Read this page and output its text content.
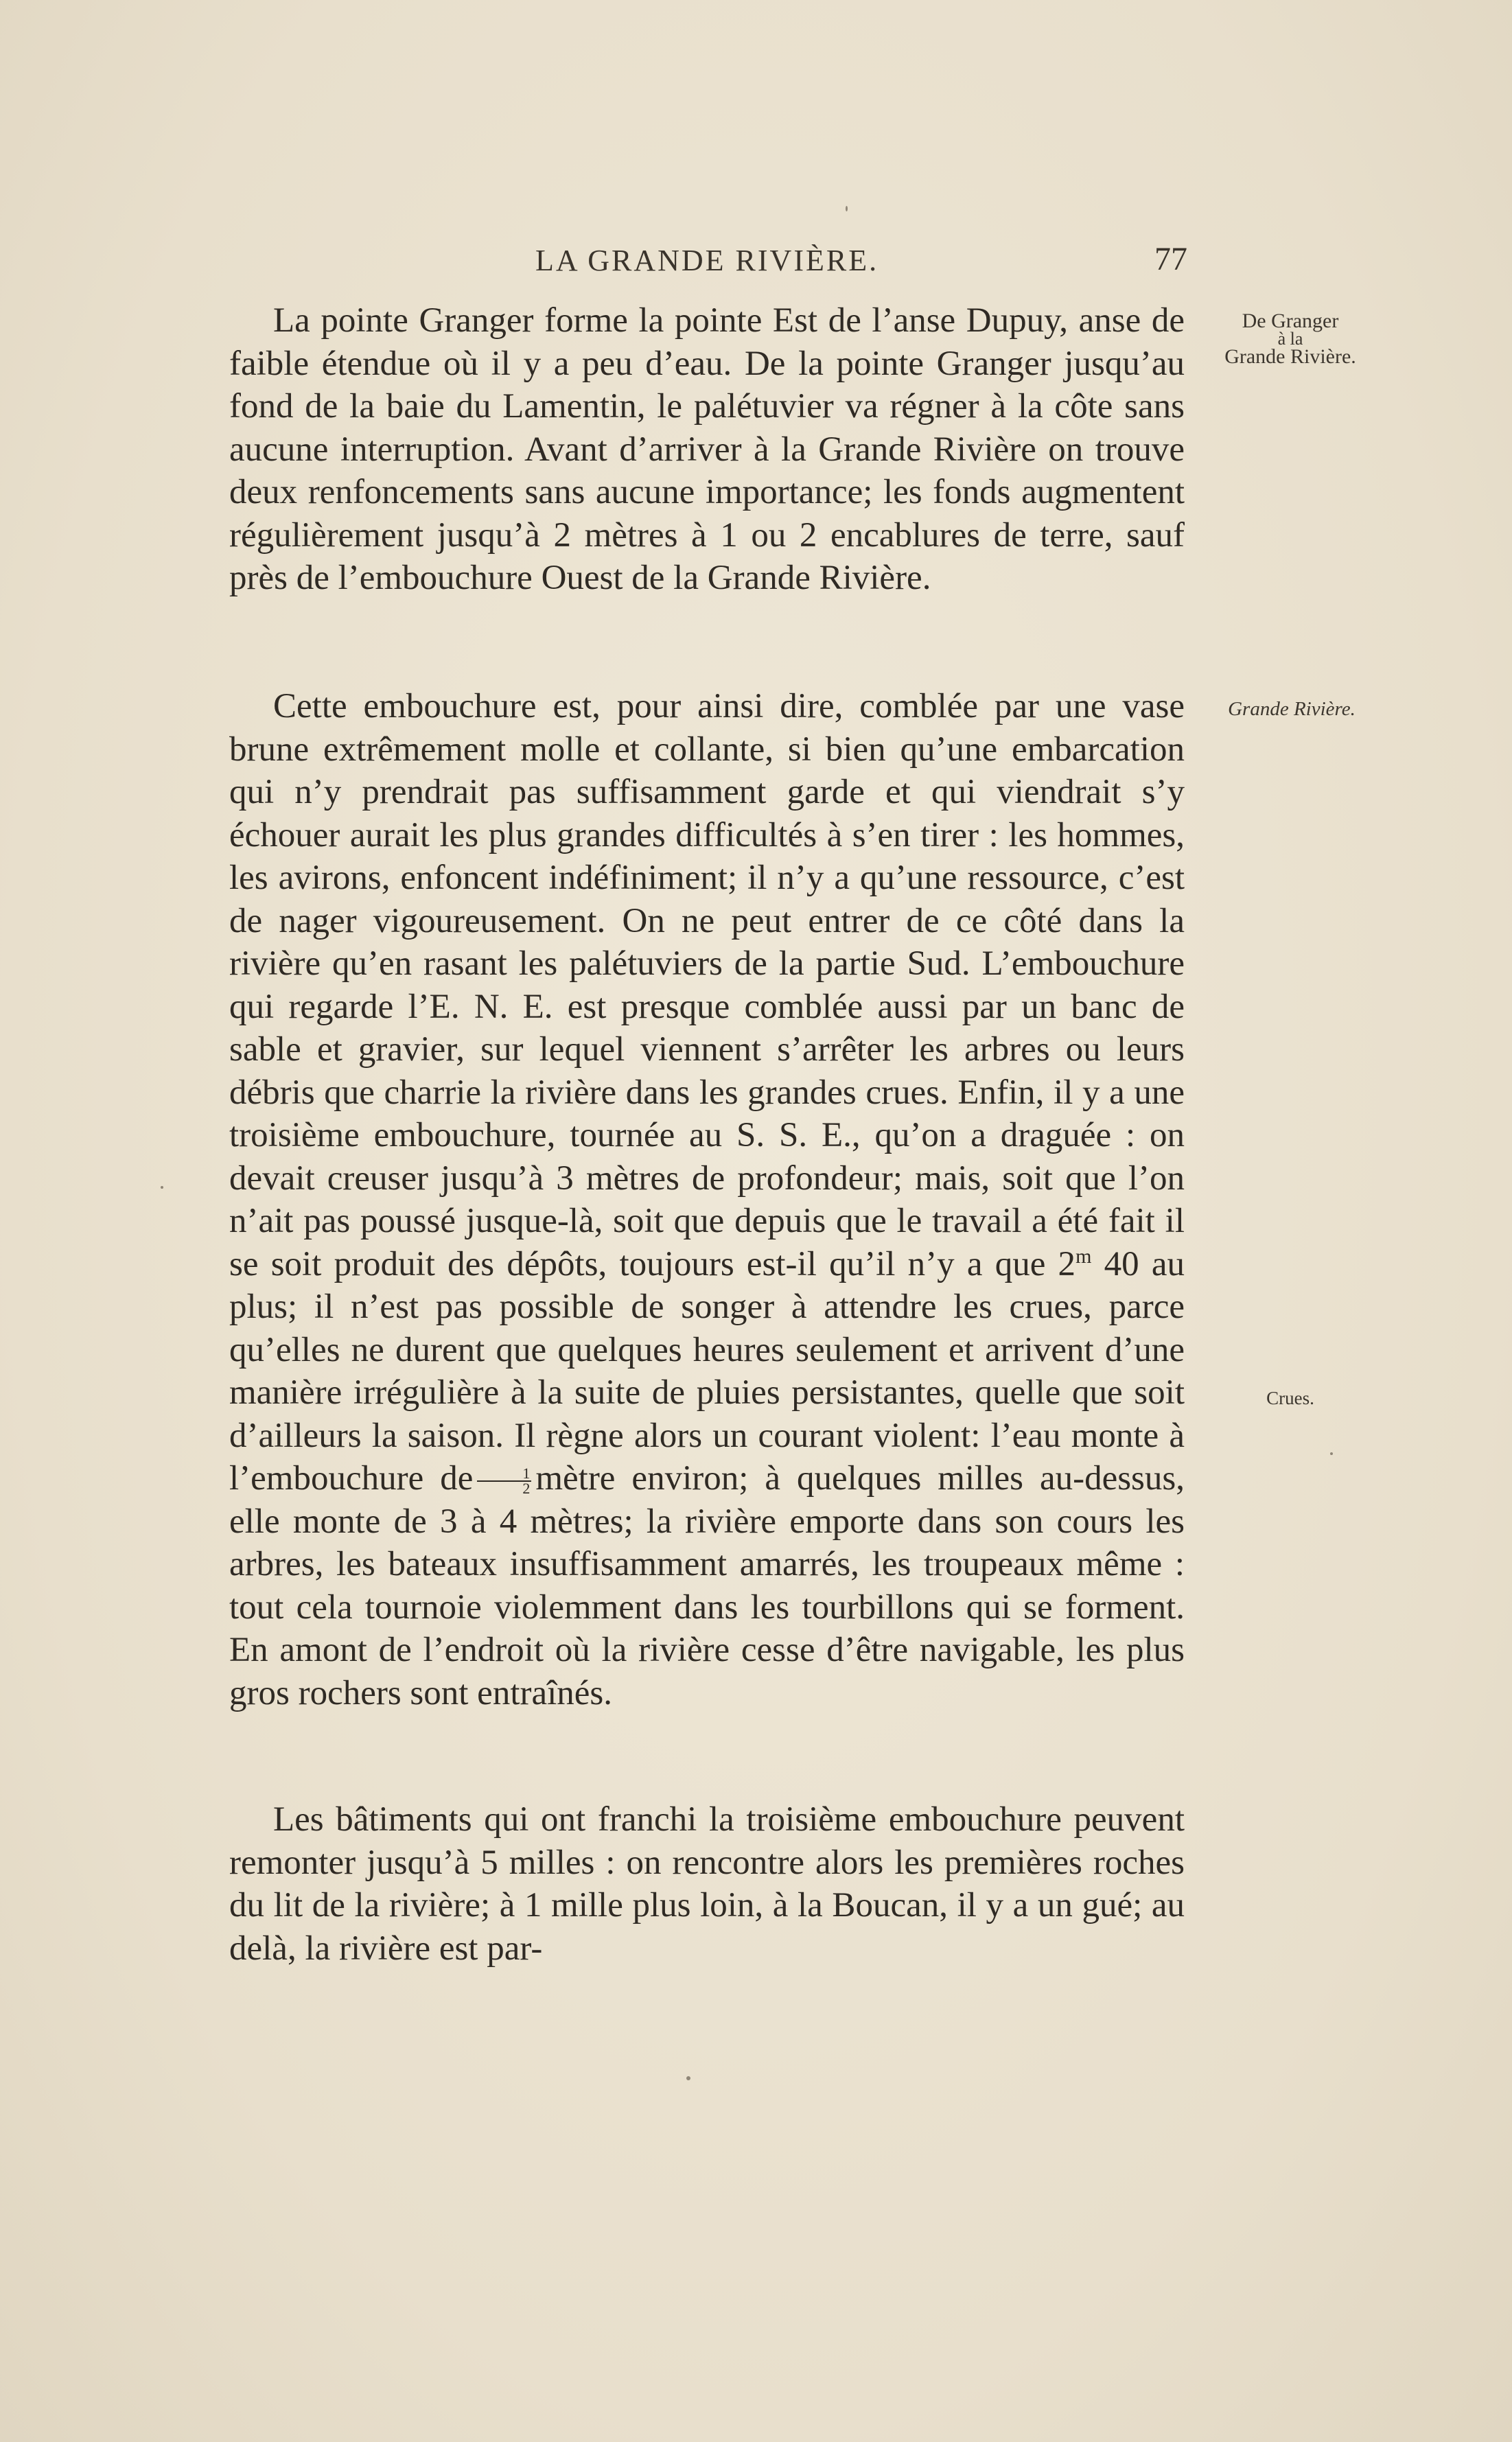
LA GRANDE RIVIÈRE.	77

La pointe Granger forme la pointe Est de l’anse Dupuy, anse de faible étendue où il y a peu d’eau. De la pointe Granger jusqu’au fond de la baie du Lamentin, le palétuvier va régner à la côte sans aucune interruption. Avant d’arriver à la Grande Rivière on trouve deux renfoncements sans aucune importance; les fonds augmentent régulièrement jusqu’à 2 mètres à 1 ou 2 encablures de terre, sauf près de l’embouchure Ouest de la Grande Rivière.

Cette embouchure est, pour ainsi dire, comblée par une vase brune extrêmement molle et collante, si bien qu’une embarcation qui n’y prendrait pas suffisamment garde et qui viendrait s’y échouer aurait les plus grandes difficultés à s’en tirer : les hommes, les avirons, enfoncent indéfiniment; il n’y a qu’une ressource, c’est de nager vigoureusement. On ne peut entrer de ce côté dans la rivière qu’en rasant les palétuviers de la partie Sud. L’embouchure qui regarde l’E. N. E. est presque comblée aussi par un banc de sable et gravier, sur lequel viennent s’arrêter les arbres ou leurs débris que charrie la rivière dans les grandes crues. Enfin, il y a une troisième embouchure, tournée au S. S. E., qu’on a draguée : on devait creuser jusqu’à 3 mètres de profondeur; mais, soit que l’on n’ait pas poussé jusque-là, soit que depuis que le travail a été fait il se soit produit des dépôts, toujours est-il qu’il n’y a que 2$^m$ 40 au plus; il n’est pas possible de songer à attendre les crues, parce qu’elles ne durent que quelques heures seulement et arrivent d’une manière irrégulière à la suite de pluies persistantes, quelle que soit d’ailleurs la saison. Il règne alors un courant violent: l’eau monte à l’embouchure de $\frac{1}{2}$ mètre environ; à quelques milles au-dessus, elle monte de 3 à 4 mètres; la rivière emporte dans son cours les arbres, les bateaux insuffisamment amarrés, les troupeaux même : tout cela tournoie violemment dans les tourbillons qui se forment. En amont de l’endroit où la rivière cesse d’être navigable, les plus gros rochers sont entraînés.

Les bâtiments qui ont franchi la troisième embouchure peuvent remonter jusqu’à 5 milles : on rencontre alors les premières roches du lit de la rivière; à 1 mille plus loin, à la Boucan, il y a un gué; au delà, la rivière est par-

De Granger
à la
Grande Rivière.
Grande Rivière.
Crues.
